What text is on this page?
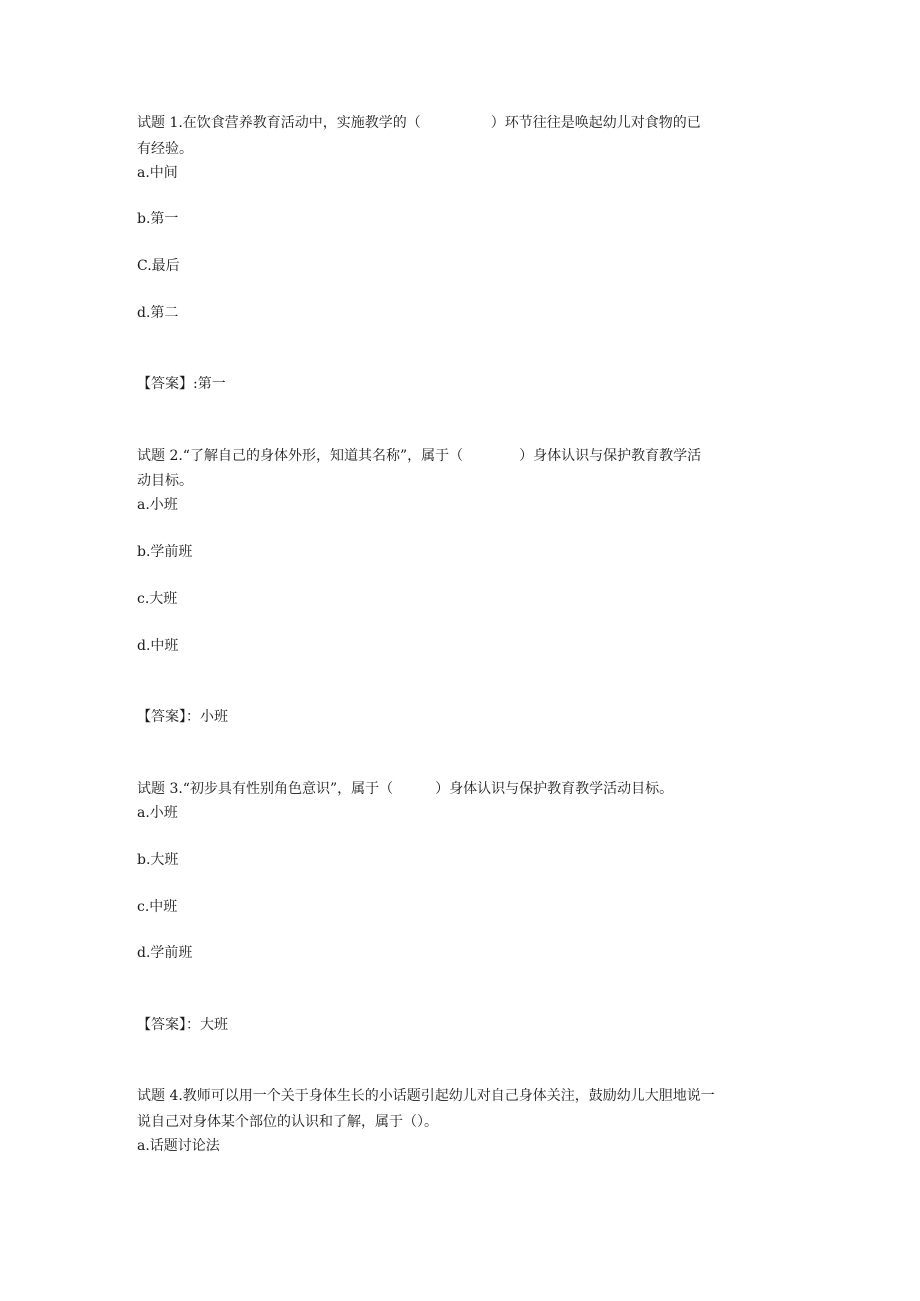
试题 1.在饮食营养教育活动中，实施教学的（　　　　　）环节往往是唤起幼儿对食物的已
有经验。
a.中间
b.第一
C.最后
d.第二
【答案】:第一
试题 2.“了解自己的身体外形，知道其名称”，属于（　　　　）身体认识与保护教育教学活
动目标。
a.小班
b.学前班
c.大班
d.中班
【答案】：小班
试题 3.“初步具有性别角色意识”，属于（　　　）身体认识与保护教育教学活动目标。
a.小班
b.大班
c.中班
d.学前班
【答案】：大班
试题 4.教师可以用一个关于身体生长的小话题引起幼儿对自己身体关注，鼓励幼儿大胆地说一
说自己对身体某个部位的认识和了解，属于（）。
a.话题讨论法
